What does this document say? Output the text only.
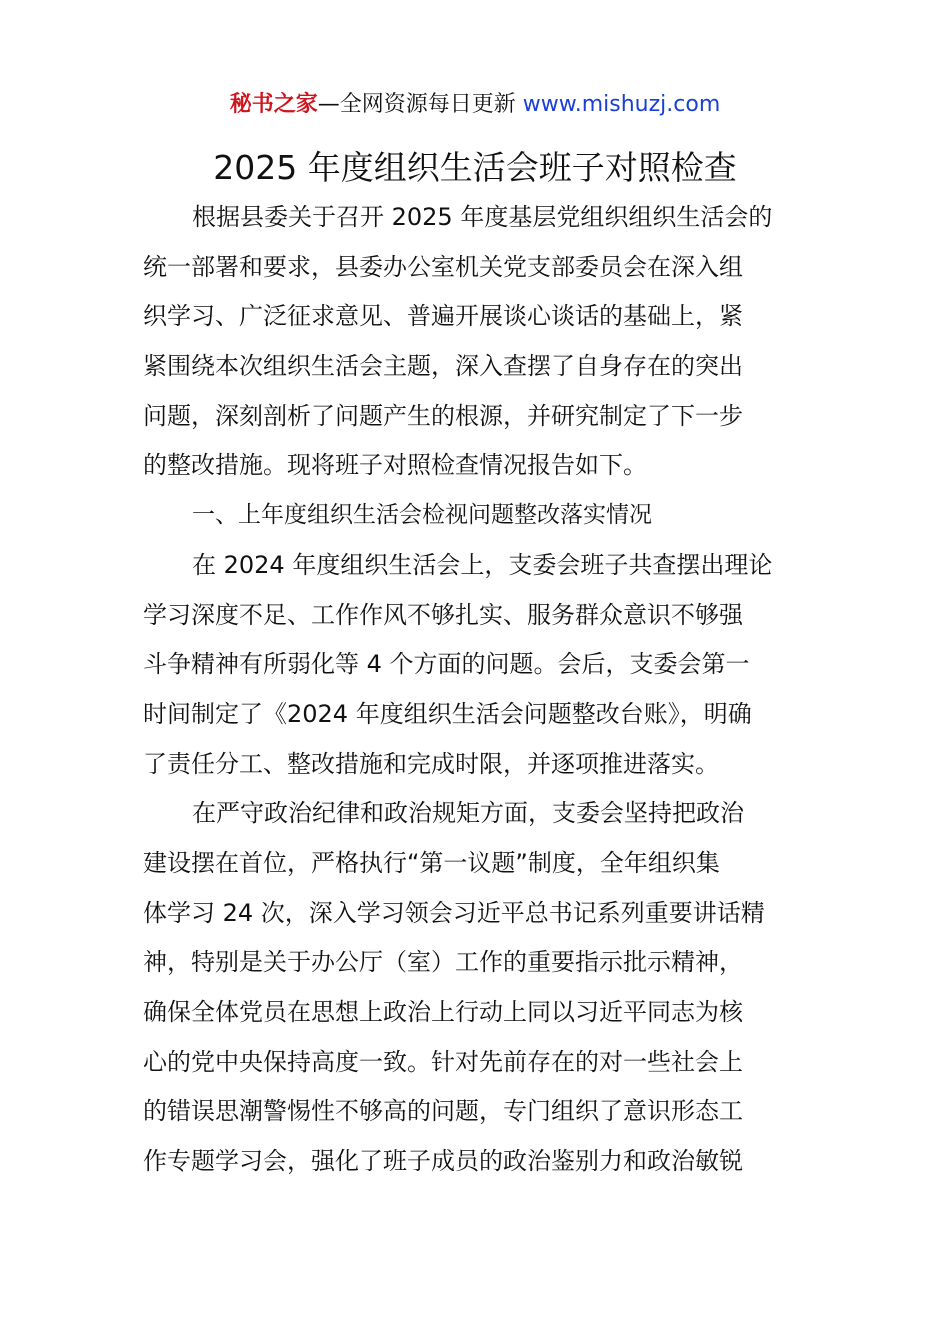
秘书之家—全网资源每日更新 www.mishuzj.com
2025 年度组织生活会班子对照检查
根据县委关于召开 2025 年度基层党组织组织生活会的
统一部署和要求，县委办公室机关党支部委员会在深入组
织学习、广泛征求意见、普遍开展谈心谈话的基础上，紧
紧围绕本次组织生活会主题，深入查摆了自身存在的突出
问题，深刻剖析了问题产生的根源，并研究制定了下一步
的整改措施。现将班子对照检查情况报告如下。
一、上年度组织生活会检视问题整改落实情况
在 2024 年度组织生活会上，支委会班子共查摆出理论
学习深度不足、工作作风不够扎实、服务群众意识不够强
斗争精神有所弱化等 4 个方面的问题。会后，支委会第一
时间制定了《2024 年度组织生活会问题整改台账》，明确
了责任分工、整改措施和完成时限，并逐项推进落实。
在严守政治纪律和政治规矩方面，支委会坚持把政治
建设摆在首位，严格执行“第一议题”制度，全年组织集
体学习 24 次，深入学习领会习近平总书记系列重要讲话精
神，特别是关于办公厅（室）工作的重要指示批示精神，
确保全体党员在思想上政治上行动上同以习近平同志为核
心的党中央保持高度一致。针对先前存在的对一些社会上
的错误思潮警惕性不够高的问题，专门组织了意识形态工
作专题学习会，强化了班子成员的政治鉴别力和政治敏锐
